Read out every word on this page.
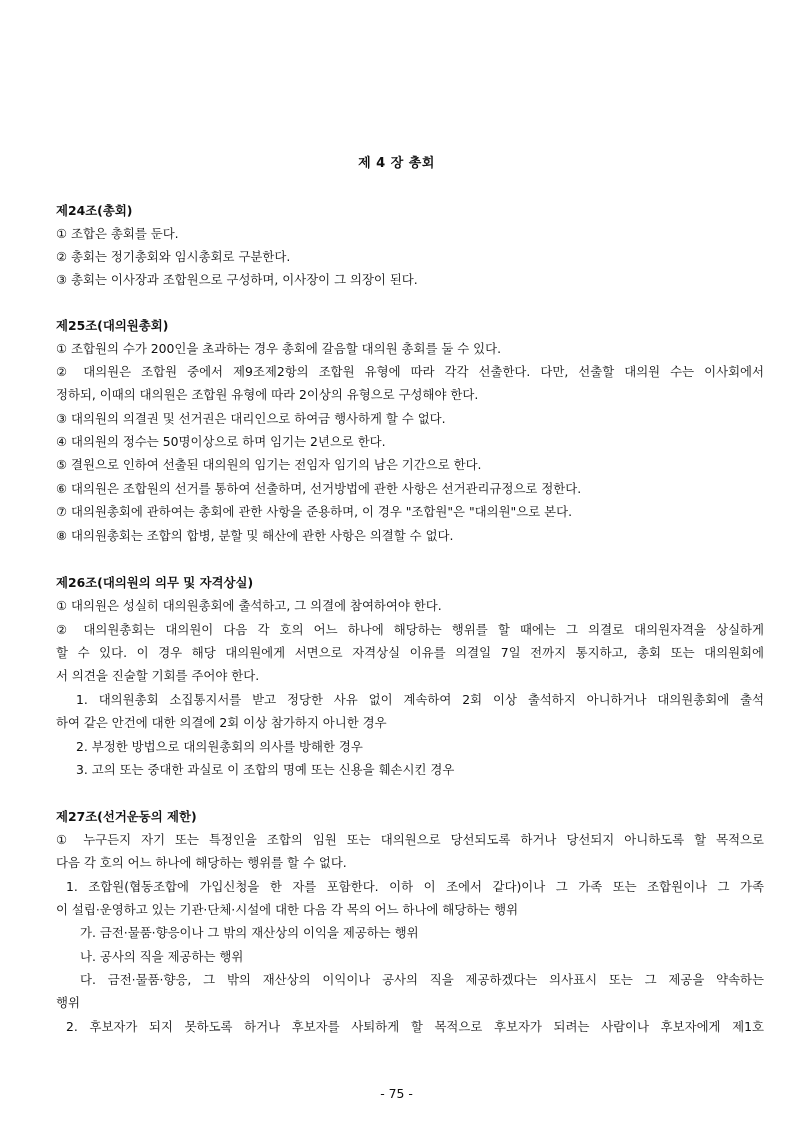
제 4 장 총회
제24조(총회)
① 조합은 총회를 둔다.
② 총회는 정기총회와 임시총회로 구분한다.
③ 총회는 이사장과 조합원으로 구성하며, 이사장이 그 의장이 된다.
제25조(대의원총회)
① 조합원의 수가 200인을 초과하는 경우 총회에 갈음할 대의원 총회를 둘 수 있다.
② 대의원은 조합원 중에서 제9조제2항의 조합원 유형에 따라 각각 선출한다. 다만, 선출할 대의원 수는 이사회에서
정하되, 이때의 대의원은 조합원 유형에 따라 2이상의 유형으로 구성해야 한다.
③ 대의원의 의결권 및 선거권은 대리인으로 하여금 행사하게 할 수 없다.
④ 대의원의 정수는 50명이상으로 하며 임기는 2년으로 한다.
⑤ 결원으로 인하여 선출된 대의원의 임기는 전임자 임기의 남은 기간으로 한다.
⑥ 대의원은 조합원의 선거를 통하여 선출하며, 선거방법에 관한 사항은 선거관리규정으로 정한다.
⑦ 대의원총회에 관하여는 총회에 관한 사항을 준용하며, 이 경우 "조합원"은 "대의원"으로 본다.
⑧ 대의원총회는 조합의 합병, 분할 및 해산에 관한 사항은 의결할 수 없다.
제26조(대의원의 의무 및 자격상실)
① 대의원은 성실히 대의원총회에 출석하고, 그 의결에 참여하여야 한다.
② 대의원총회는 대의원이 다음 각 호의 어느 하나에 해당하는 행위를 할 때에는 그 의결로 대의원자격을 상실하게
할 수 있다. 이 경우 해당 대의원에게 서면으로 자격상실 이유를 의결일 7일 전까지 통지하고, 총회 또는 대의원회에
서 의견을 진술할 기회를 주어야 한다.
1. 대의원총회 소집통지서를 받고 정당한 사유 없이 계속하여 2회 이상 출석하지 아니하거나 대의원총회에 출석
하여 같은 안건에 대한 의결에 2회 이상 참가하지 아니한 경우
2. 부정한 방법으로 대의원총회의 의사를 방해한 경우
3. 고의 또는 중대한 과실로 이 조합의 명예 또는 신용을 훼손시킨 경우
제27조(선거운동의 제한)
① 누구든지 자기 또는 특정인을 조합의 임원 또는 대의원으로 당선되도록 하거나 당선되지 아니하도록 할 목적으로
다음 각 호의 어느 하나에 해당하는 행위를 할 수 없다.
1. 조합원(협동조합에 가입신청을 한 자를 포함한다. 이하 이 조에서 같다)이나 그 가족 또는 조합원이나 그 가족
이 설립·운영하고 있는 기관·단체·시설에 대한 다음 각 목의 어느 하나에 해당하는 행위
가. 금전·물품·향응이나 그 밖의 재산상의 이익을 제공하는 행위
나. 공사의 직을 제공하는 행위
다. 금전·물품·향응, 그 밖의 재산상의 이익이나 공사의 직을 제공하겠다는 의사표시 또는 그 제공을 약속하는
행위
2. 후보자가 되지 못하도록 하거나 후보자를 사퇴하게 할 목적으로 후보자가 되려는 사람이나 후보자에게 제1호
- 75 -
